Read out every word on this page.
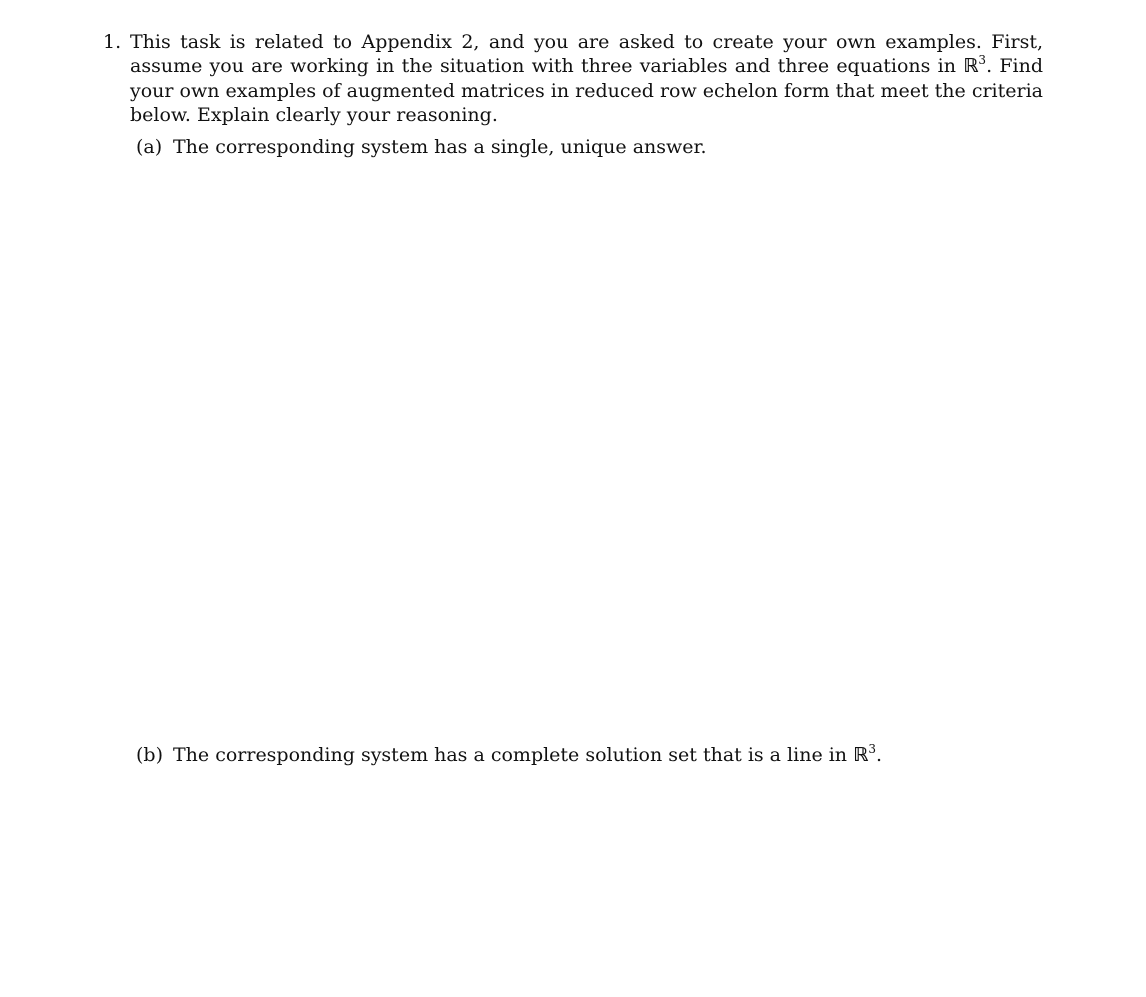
1. This task is related to Appendix 2, and you are asked to create your own examples. First, assume you are working in the situation with three variables and three equations in ℝ$^3$. Find your own examples of augmented matrices in reduced row echelon form that meet the criteria below. Explain clearly your reasoning.
(a) The corresponding system has a single, unique answer.
(b) The corresponding system has a complete solution set that is a line in ℝ$^3$.
